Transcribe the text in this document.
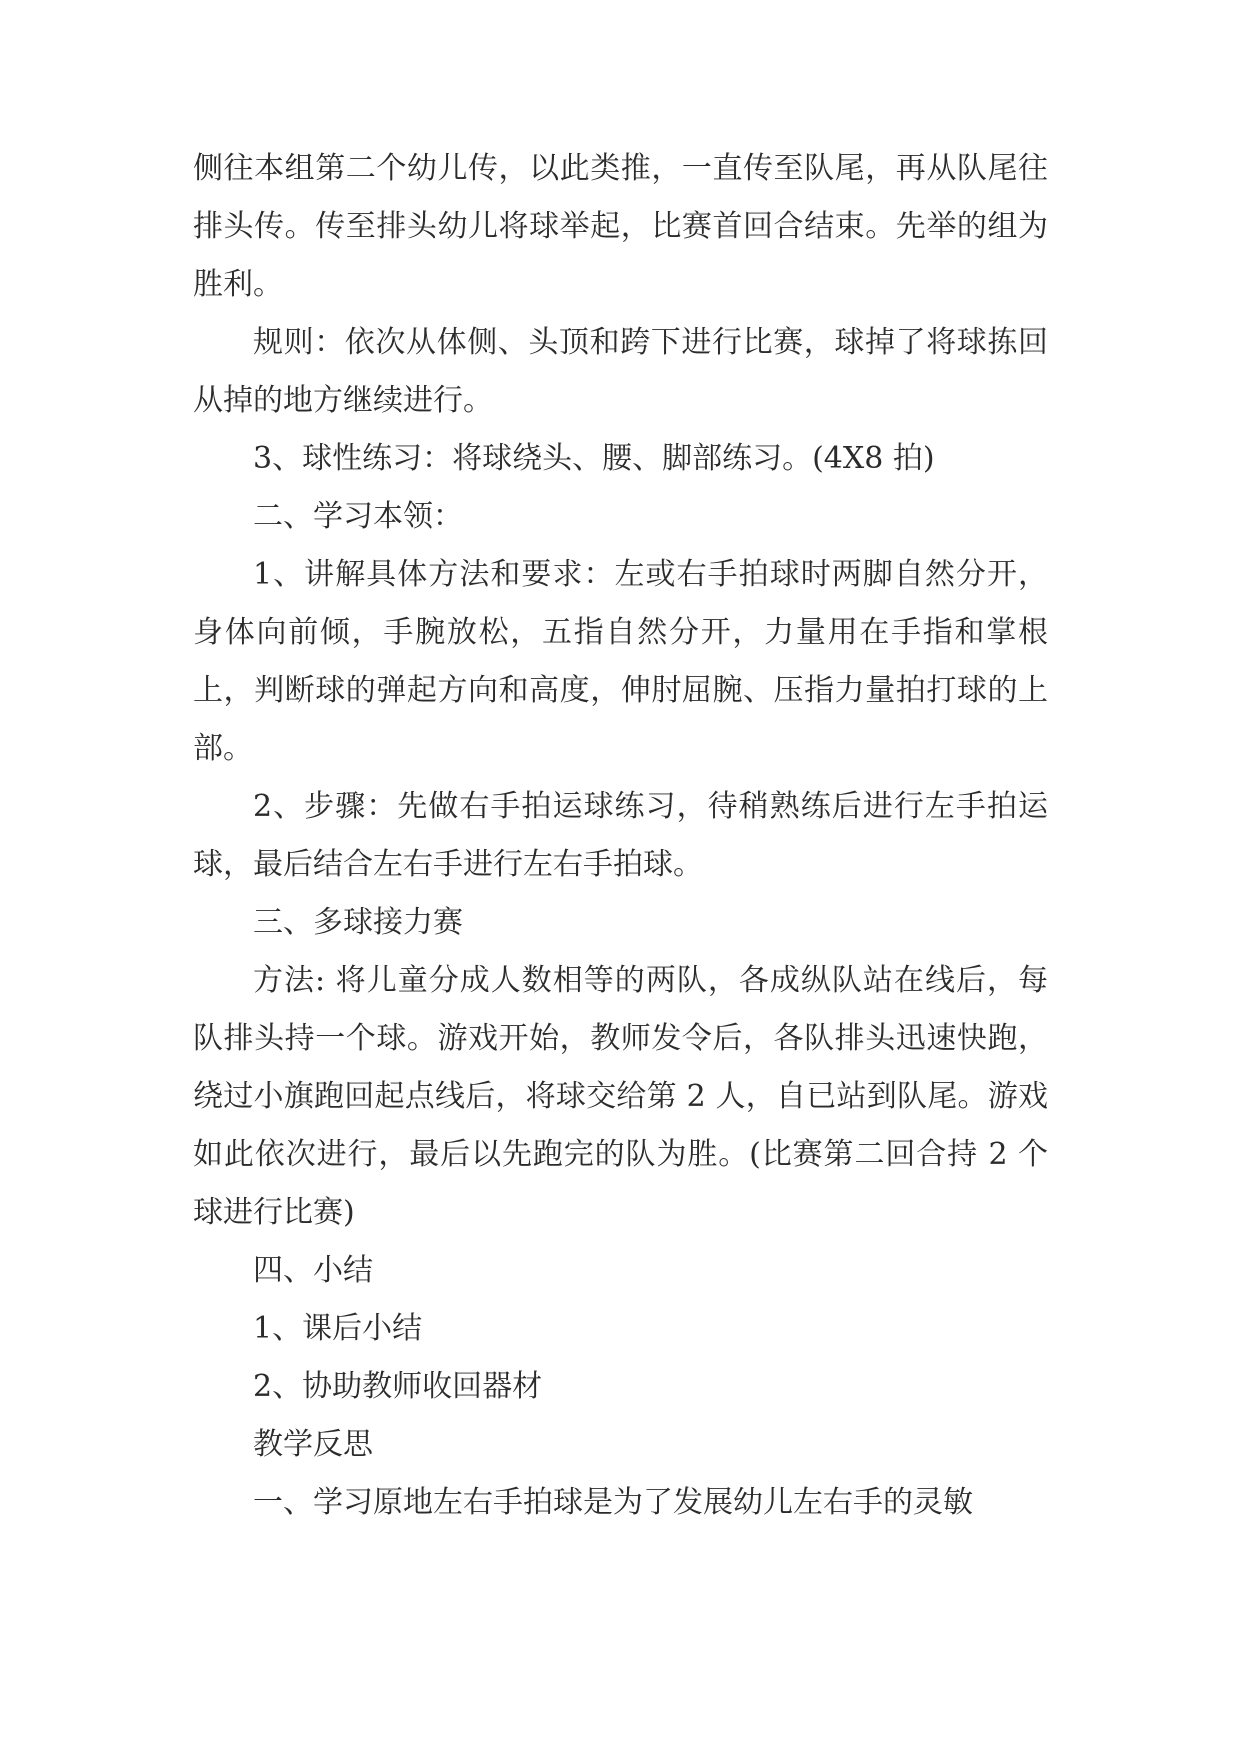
侧往本组第二个幼儿传，以此类推，一直传至队尾，再从队尾往排头传。传至排头幼儿将球举起，比赛首回合结束。先举的组为胜利。

规则：依次从体侧、头顶和跨下进行比赛，球掉了将球拣回从掉的地方继续进行。

3、球性练习：将球绕头、腰、脚部练习。(4X8 拍)

二、学习本领：

1、讲解具体方法和要求：左或右手拍球时两脚自然分开，身体向前倾，手腕放松，五指自然分开，力量用在手指和掌根上，判断球的弹起方向和高度，伸肘屈腕、压指力量拍打球的上部。

2、步骤：先做右手拍运球练习，待稍熟练后进行左手拍运球，最后结合左右手进行左右手拍球。

三、多球接力赛

方法: 将儿童分成人数相等的两队，各成纵队站在线后，每队排头持一个球。游戏开始，教师发令后，各队排头迅速快跑，绕过小旗跑回起点线后，将球交给第 2 人，自已站到队尾。游戏如此依次进行，最后以先跑完的队为胜。(比赛第二回合持 2 个球进行比赛)

四、小结

1、课后小结

2、协助教师收回器材

教学反思

一、学习原地左右手拍球是为了发展幼儿左右手的灵敏
